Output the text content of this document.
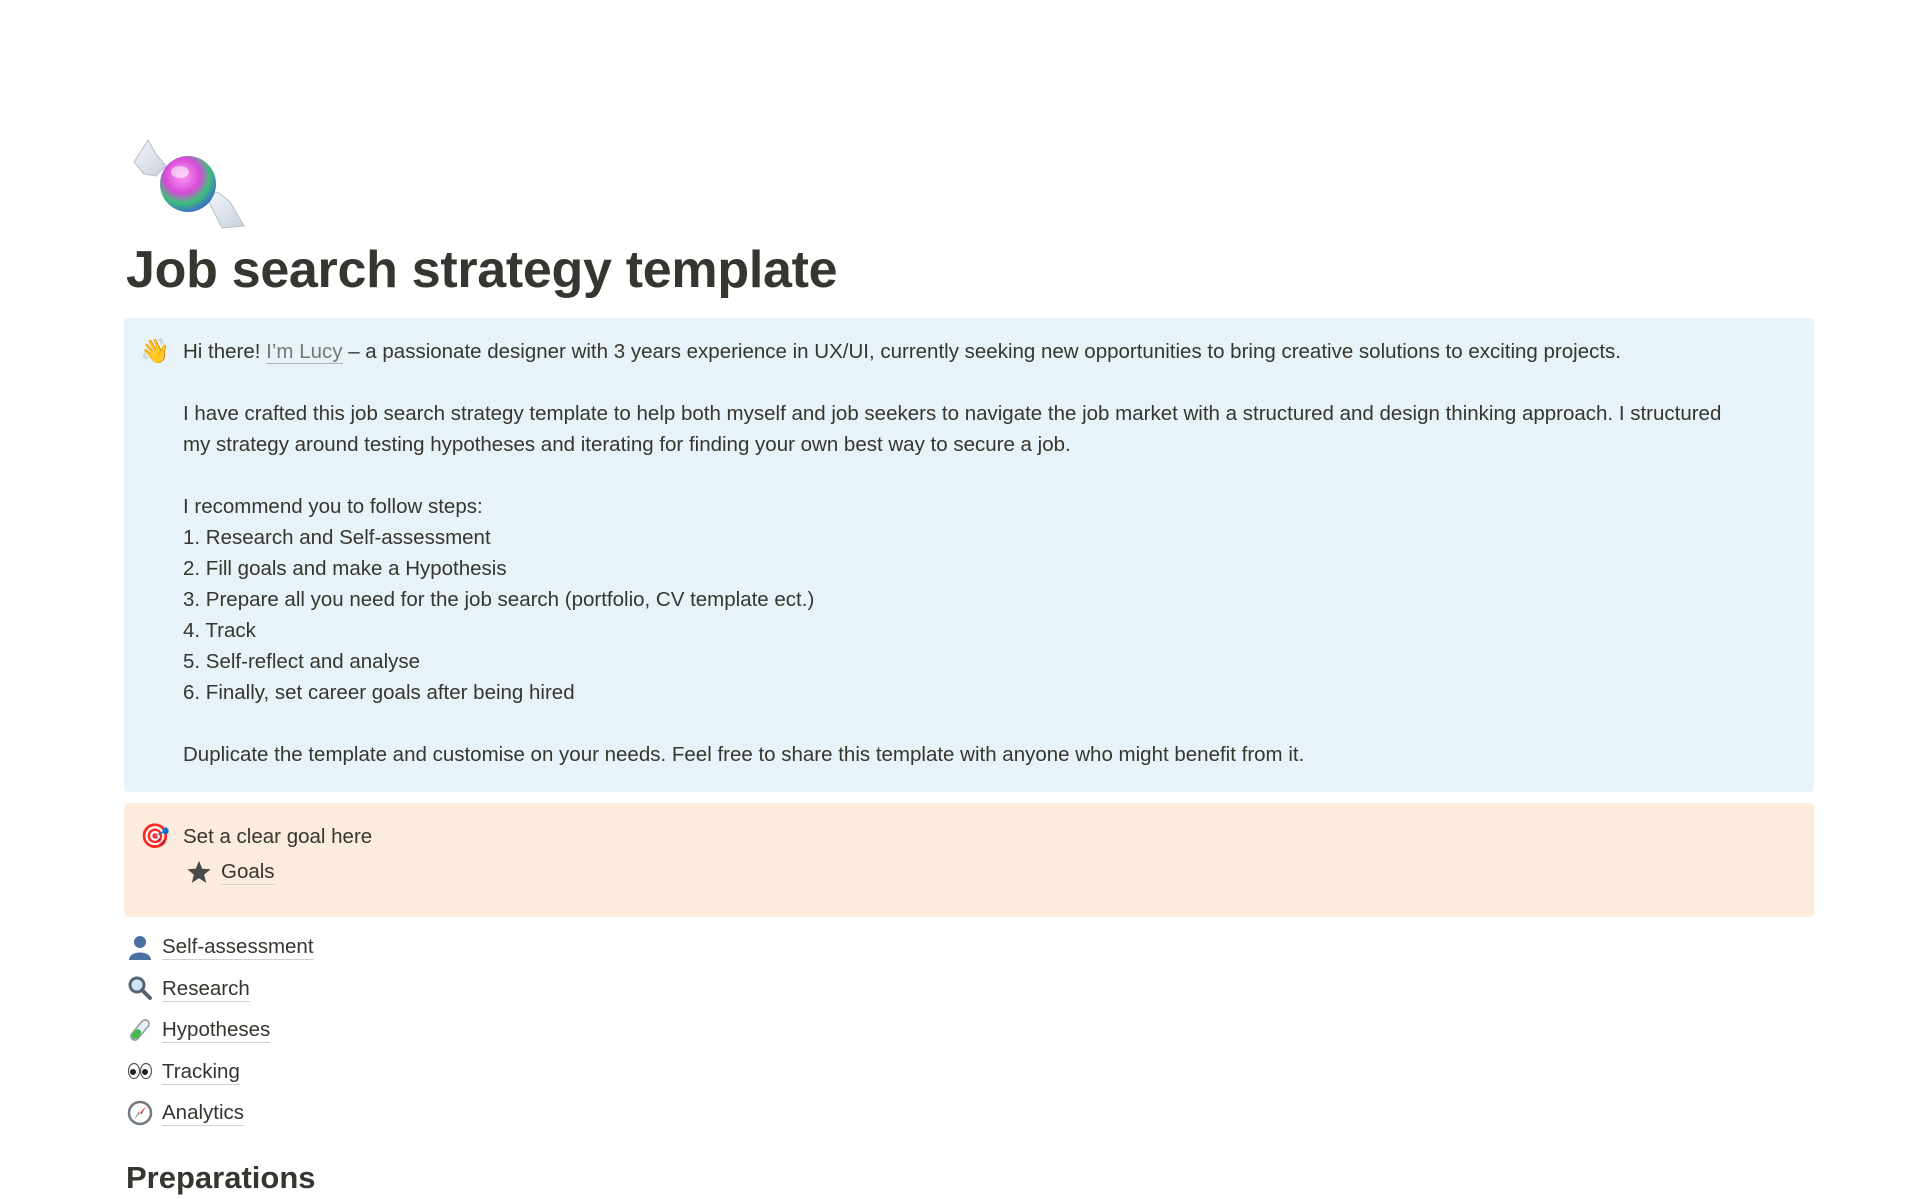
Job search strategy template
👋 Hi there! I’m Lucy – a passionate designer with 3 years experience in UX/UI, currently seeking new opportunities to bring creative solutions to exciting projects.

I have crafted this job search strategy template to help both myself and job seekers to navigate the job market with a structured and design thinking approach. I structured my strategy around testing hypotheses and iterating for finding your own best way to secure a job.

I recommend you to follow steps:

1. Research and Self-assessment

2. Fill goals and make a Hypothesis

3. Prepare all you need for the job search (portfolio, CV template ect.)

4. Track

5. Self-reflect and analyse

6. Finally, set career goals after being hired

Duplicate the template and customise on your needs. Feel free to share this template with anyone who might benefit from it.

🎯 Set a clear goal here

Goals
Self-assessment
Research
Hypotheses
Tracking
Analytics
Preparations
